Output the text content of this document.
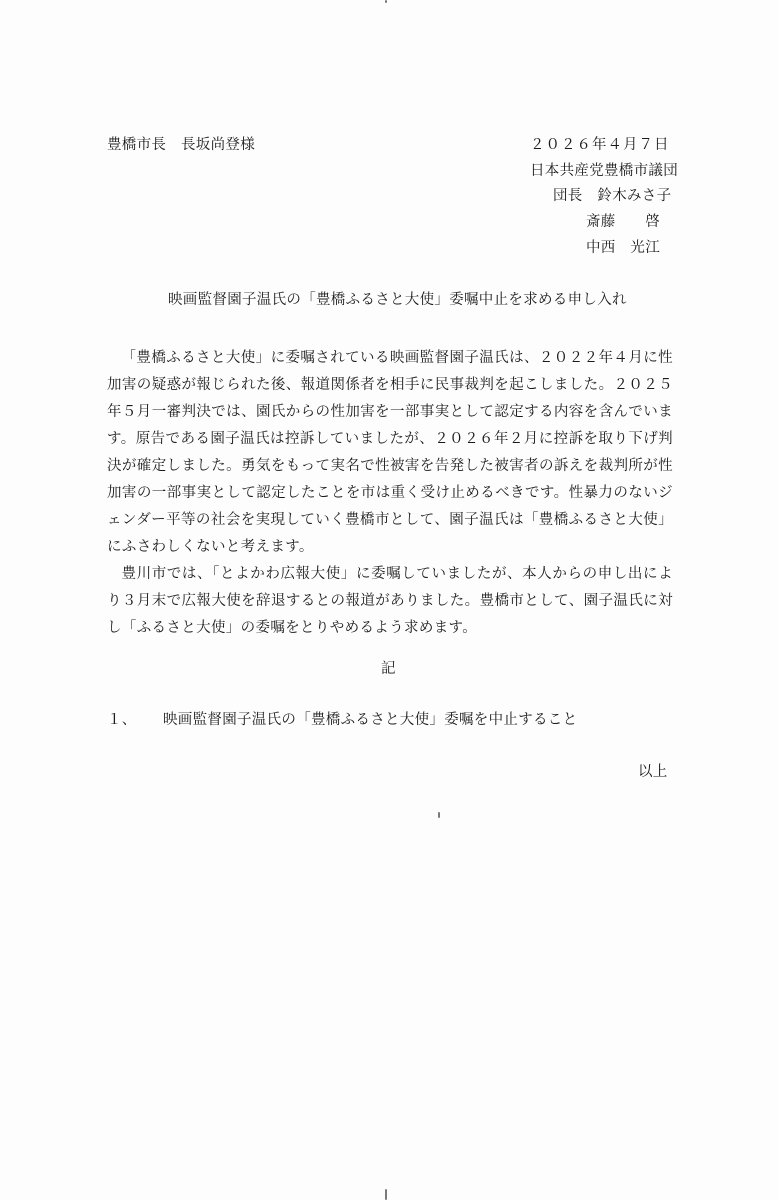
豊橋市長　長坂尚登様	２０２６年４月７日
日本共産党豊橋市議団
団長　鈴木みさ子
斎藤　　啓
中西　光江
映画監督園子温氏の「豊橋ふるさと大使」委嘱中止を求める申し入れ

「豊橋ふるさと大使」に委嘱されている映画監督園子温氏は、２０２２年４月に性加害の疑惑が報じられた後、報道関係者を相手に民事裁判を起こしました。２０２５年５月一審判決では、園氏からの性加害を一部事実として認定する内容を含んでいます。原告である園子温氏は控訴していましたが、２０２６年２月に控訴を取り下げ判決が確定しました。勇気をもって実名で性被害を告発した被害者の訴えを裁判所が性加害の一部事実として認定したことを市は重く受け止めるべきです。性暴力のないジェンダー平等の社会を実現していく豊橋市として、園子温氏は「豊橋ふるさと大使」にふさわしくないと考えます。

豊川市では、「とよかわ広報大使」に委嘱していましたが、本人からの申し出により３月末で広報大使を辞退するとの報道がありました。豊橋市として、園子温氏に対し「ふるさと大使」の委嘱をとりやめるよう求めます。

記
１、 映画監督園子温氏の「豊橋ふるさと大使」委嘱を中止すること
以上
